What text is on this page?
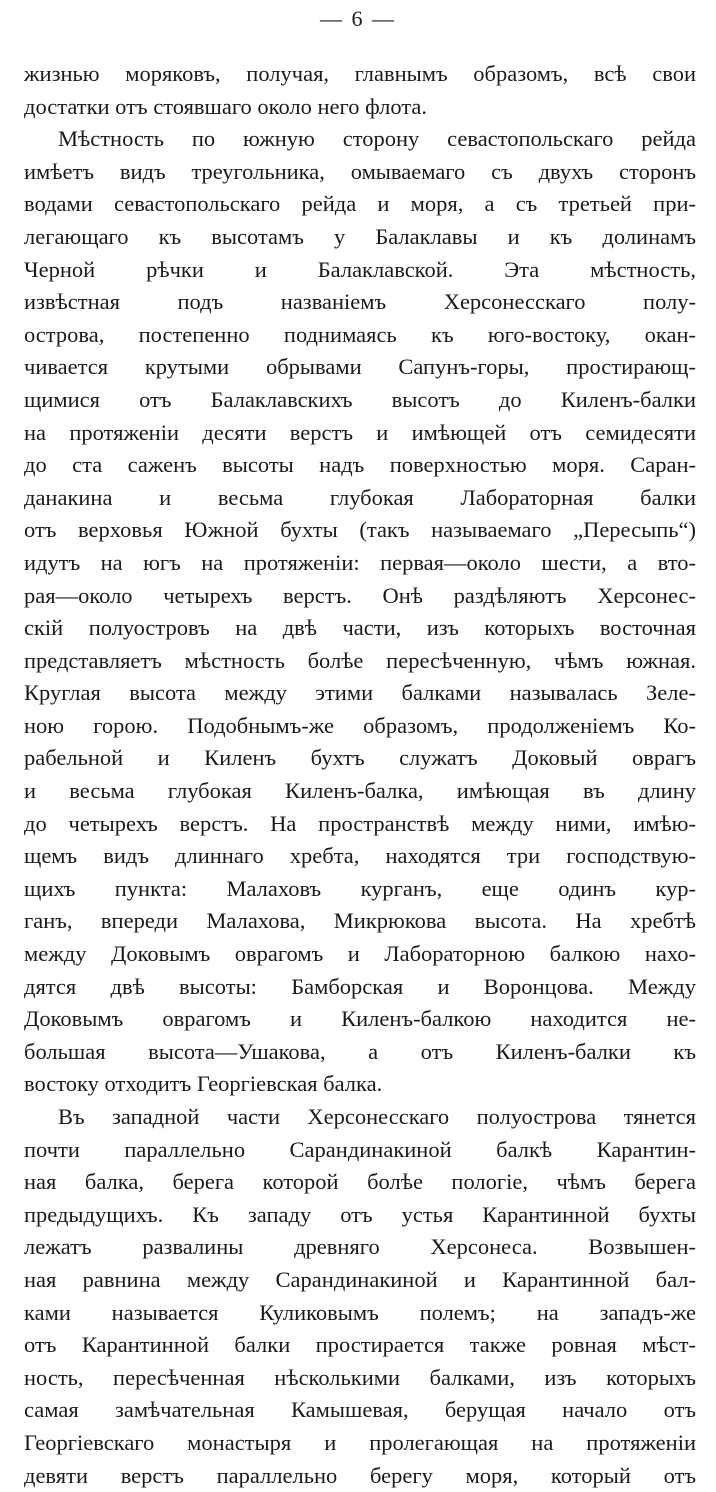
— 6 —
жизнью моряковъ, получая, главнымъ образомъ, всѣ свои
достатки отъ стоявшаго около него флота.
Мѣстность по южную сторону севастопольскаго рейда
имѣетъ видъ треугольника, омываемаго съ двухъ сторонъ
водами севастопольскаго рейда и моря, а съ третьей при-
легающаго къ высотамъ у Балаклавы и къ долинамъ
Черной рѣчки и Балаклавской. Эта мѣстность,
извѣстная подъ названіемъ Херсонесскаго полу-
острова, постепенно поднимаясь къ юго-востоку, окан-
чивается крутыми обрывами Сапунъ-горы, простирающ-
щимися отъ Балаклавскихъ высотъ до Киленъ-балки
на протяженіи десяти верстъ и имѣющей отъ семидесяти
до ста саженъ высоты надъ поверхностью моря. Саран-
данакина и весьма глубокая Лабораторная балки
отъ верховья Южной бухты (такъ называемаго „Пересыпь“)
идутъ на югъ на протяженіи: первая—около шести, а вто-
рая—около четырехъ верстъ. Онѣ раздѣляютъ Херсонес-
скій полуостровъ на двѣ части, изъ которыхъ восточная
представляетъ мѣстность болѣе пересѣченную, чѣмъ южная.
Круглая высота между этими балками называлась Зеле-
ною горою. Подобнымъ-же образомъ, продолженіемъ Ко-
рабельной и Киленъ бухтъ служатъ Доковый оврагъ
и весьма глубокая Киленъ-балка, имѣющая въ длину
до четырехъ верстъ. На пространствѣ между ними, имѣю-
щемъ видъ длиннаго хребта, находятся три господствую-
щихъ пункта: Малаховъ курганъ, еще одинъ кур-
ганъ, впереди Малахова, Микрюкова высота. На хребтѣ
между Доковымъ оврагомъ и Лабораторною балкою нахо-
дятся двѣ высоты: Бамборская и Воронцова. Между
Доковымъ оврагомъ и Киленъ-балкою находится не-
большая высота—Ушакова, а отъ Киленъ-балки къ
востоку отходитъ Георгіевская балка.
Въ западной части Херсонесскаго полуострова тянется
почти параллельно Сарандинакиной балкѣ Карантин-
ная балка, берега которой болѣе пологіе, чѣмъ берега
предыдущихъ. Къ западу отъ устья Карантинной бухты
лежатъ развалины древняго Херсонеса. Возвышен-
ная равнина между Сарандинакиной и Карантинной бал-
ками называется Куликовымъ полемъ; на западъ-же
отъ Карантинной балки простирается также ровная мѣст-
ность, пересѣченная нѣсколькими балками, изъ которыхъ
самая замѣчательная Камышевая, берущая начало отъ
Георгіевскаго монастыря и пролегающая на протяженіи
девяти верстъ параллельно берегу моря, который отъ
